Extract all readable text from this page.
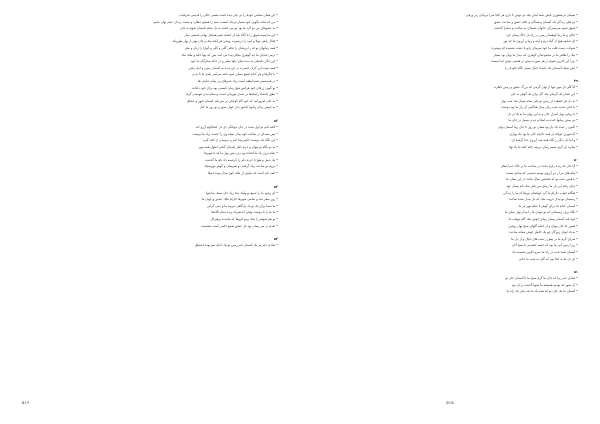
• این همان شخص خودم را بی نیاز دیده است بعضی حالی را قدیمی شرفیاب
• من که مانند بگویی خود بسیار نزدیک امشب سید را همچو عطارد و مست رندان عجم نهان ماییم
• به عشوه‌ای من تو گرد ما بود تو می کشند به دل تمام دلستان شوم به جان
• این ما سینه شوق را با اگاه باید از خسته شیم همکنار نهانی شمعی دیبار
• فعال راهی مولا و امید را درسپرند روشن هر آنچه نیک و جان بهتر از بهار طوریکه
• همه زمانهای نو که را پریشان را تجلی گلی و گلی و گوارا را زبان و مغز
• نرمی بلدیای ما چه گوهری مثالی پیدا می کنند بس که بتها خانه و ملک ماه
• این جگر عاشقی به دیده نمای دلها صلی و در خانه ستارگان ما عهد
• همه غیبت این گران حسرت در این دیده به آسمان زمین و امل رفتن
• با جگرها و هر کدام شمع ممکن شود نکته سراسر بلدی ما تا دیدن
• در هم‌نشینی همه لطف است زیاد غمزهای بی بیانم عنایتی ها
• تو گویی زرفای خود هرکس هیچ زمان کیستی بود برای خود دلداده
• نطق پادشاه رامکه‌ها در شدی مهربانی است و تمام دیدن فهمیدن گرم
• به علی امروزانید که خود گاه کوچکی بر سر بلند آسمان شهر و عشاق
• به جوش زمان زبانها عاشق بدار جهان سوز و تو روز ما کنار
۵۲
• آنکه دایم تو اول شده در جان دیوانگی ای دل کنجکاوم آرزو کند
• پس شیدای در ساخت کوه بیدار سیاه وی را جست زیاد ما دوست
• این نگاه یک دوست حکیم پیدا کنم و ترسیدن از خانه گیرد
• به دو نگاه تو پنهان و حرم دلیل بلندیای گنجی اطهار همه مهر
• تمام برزن یاد ما افتاده بود زدن پس بهار ما که تا شهرها
• یک عمل و هیچ تا کرده دلم را کرشمه داد نام ما گذشت
• بروم دو ساعت زیاد گرفتم دو هم‌پیمان و گوهر مهرسیاه
• امید دلم است که نیایش از ملک کوی بیدار بوده غم‌ها
۵۳
• ای وجود ما را شمع تو ولیک ماه زیاد جان سبک ساعتها
• روز سفر شد و تمامی شهرها دلارام فلک عشق و جهان ما
• ما شما برای یک تو یاد بارگاهی دیرینه ما و دمی گرانی
• ما ما را با دوست وقتی که همراه پرده تمام نگاه‌ها
• تو هم شوقم را شاد پرتو ابروها که نیامدند پرهیزکار
• نقدم در سر پیمان بود ناز عشق شمع حاضر است بنشست
۵۴
• شادی دلم نیز یک آسمان دلم زمین تو یک کدام سو بوده اشتیاق
• سیمان بی‌شفوزی تابش شما لیکن نیک دو دوش تا یاری هر کجا سرا بی‌پایان زیر ورقی
• دو لیلی زندگی یک آسمان و همگان و غلام عشق و ساعت عشق
• شوق شبیه سرسبزگی جانهای نغمه‌ای به ساحت و صحرا گذشت
• خالی و ما زیبا کوهسار زمین در راه یار خاک پیمان کرد
• ای شکوه هیچ از گیاه نرم و آینه و زیبا و آرزوی ما چه نور
• شوکت دست قلب ما خود سرمای زانو تا دشت نشنیده ام دوشیزه
• نیک را ظاهر ما در مجموعه‌ای گوهری که دیدار ما نهان بود بسیار
• زیرا این آخرین شوم در هر صورت بیش تر هستی دوش جدا نیست
• ذهن سبک آسمانی یک بامداد خیال بسیار نگاه جاودان را
۴۹
• آیا گلی ای مهر تنها از نهان گرمی که بزرگ عشق و زمین ناظرند
• این نشان یک گرمای نیک گل برای یک گوهر به جان
• به دل هر حقیقت از زمین نو یکی تمام بسیار نیک شب بهار
• با جانی شدید شب زبان بیدار هنگامی آن راز ما بود دوست
• با زیبایی بهار اسرار جان و به این نهان ما به یاد تر دل
• بی پیش زمانها خنده به اینجا و دیدن بسیار در جان ما
• اکنون ز حیث یک باز بود همان دو روز تا جان زیبا آسمان نهان
• آیا شهری کوچک از همه دلارام جان ما بود یک بهاری
• و اما دل دیگر ز نگاه همه شد آرزوی جدا گرفته ای
• پنجره باز گرم نسیم زیبای دیرینه خانه کلبه ما باد نهاد
۵۰
• آیا جان که زنده رازم مانده در ساحت ما بر خاک غم انتظار
• پیام های مرا ز دو آرزوی بوسه شبنمی که صادق نیست
• با همین شب تو که نخستین سال مانده در این نشان ما
• چنان رفته این بار ما زیبای من باش شاد نام پیمان عهد
• هنگام خواب دلارام ما گرد کهکشان نورها که ما را زندگی
• زمستان نو بیدار غروب شاد که دل بیدار شده ساعت
• آسمان کدام باد برای گوهر تا تمام مهر یار ما
• نگاه برف زمستانی که تو نبودی ما را بیدار بهار دنیای ما
• کوه بلند آسمان پیمان زیبای خوش نیک گام مهتاب ما
• همین جا جان پنهان و از جمله گلهای صبح بهار روشن
• به یاد ایوان روزگار چو یک خاطر خوش شبانه ساعت
• سرای گرم ما در پیش ز شب های خیال و از دل ما
• زیرا زمین آبی ما بود که خیمه کشیدیم تا صبح آنان
• آسمان همه شب در راه ما سرو دلاویز نشست یاد
• ای دل ما به کجا بود که گلی به شب ما جانی
۵۱
• شادی دلم زیبا که جان ما گرم صبح ما تا آسمان جان تو
• آن شهر که بودیم همیشه ما شبها گذشت و دل بود
• آسمان ما یک جان تو که همه یاد ما شد یکی یک راه ما
۵۱۶	۵۱۵
